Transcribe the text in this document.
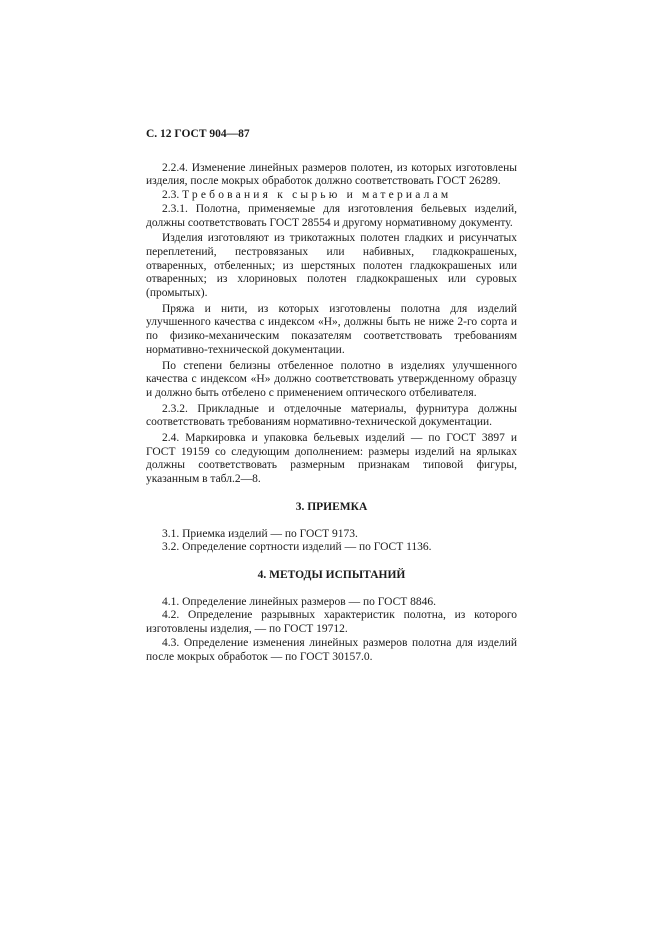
С. 12 ГОСТ 904—87

2.2.4. Изменение линейных размеров полотен, из которых изготовлены изделия, после мокрых обработок должно соответствовать ГОСТ 26289.

2.3. Требования к сырью и материалам

2.3.1. Полотна, применяемые для изготовления бельевых изделий, должны соответствовать ГОСТ 28554 и другому нормативному документу.

Изделия изготовляют из трикотажных полотен гладких и рисунчатых переплетений, пестровязаных или набивных, гладкокрашеных, отваренных, отбеленных; из шерстяных полотен гладкокрашеных или отваренных; из хлориновых полотен гладкокрашеных или суровых (промытых).

Пряжа и нити, из которых изготовлены полотна для изделий улучшенного качества с индексом «Н», должны быть не ниже 2-го сорта и по физико-механическим показателям соответствовать требованиям нормативно-технической документации.

По степени белизны отбеленное полотно в изделиях улучшенного качества с индексом «Н» должно соответствовать утвержденному образцу и должно быть отбелено с применением оптического отбеливателя.

2.3.2. Прикладные и отделочные материалы, фурнитура должны соответствовать требованиям нормативно-технической документации.

2.4. Маркировка и упаковка бельевых изделий — по ГОСТ 3897 и ГОСТ 19159 со следующим дополнением: размеры изделий на ярлыках должны соответствовать размерным признакам типовой фигуры, указанным в табл.2—8.

3. ПРИЕМКА

3.1. Приемка изделий — по ГОСТ 9173.

3.2. Определение сортности изделий — по ГОСТ 1136.

4. МЕТОДЫ ИСПЫТАНИЙ

4.1. Определение линейных размеров — по ГОСТ 8846.

4.2. Определение разрывных характеристик полотна, из которого изготовлены изделия, — по ГОСТ 19712.

4.3. Определение изменения линейных размеров полотна для изделий после мокрых обработок — по ГОСТ 30157.0.
